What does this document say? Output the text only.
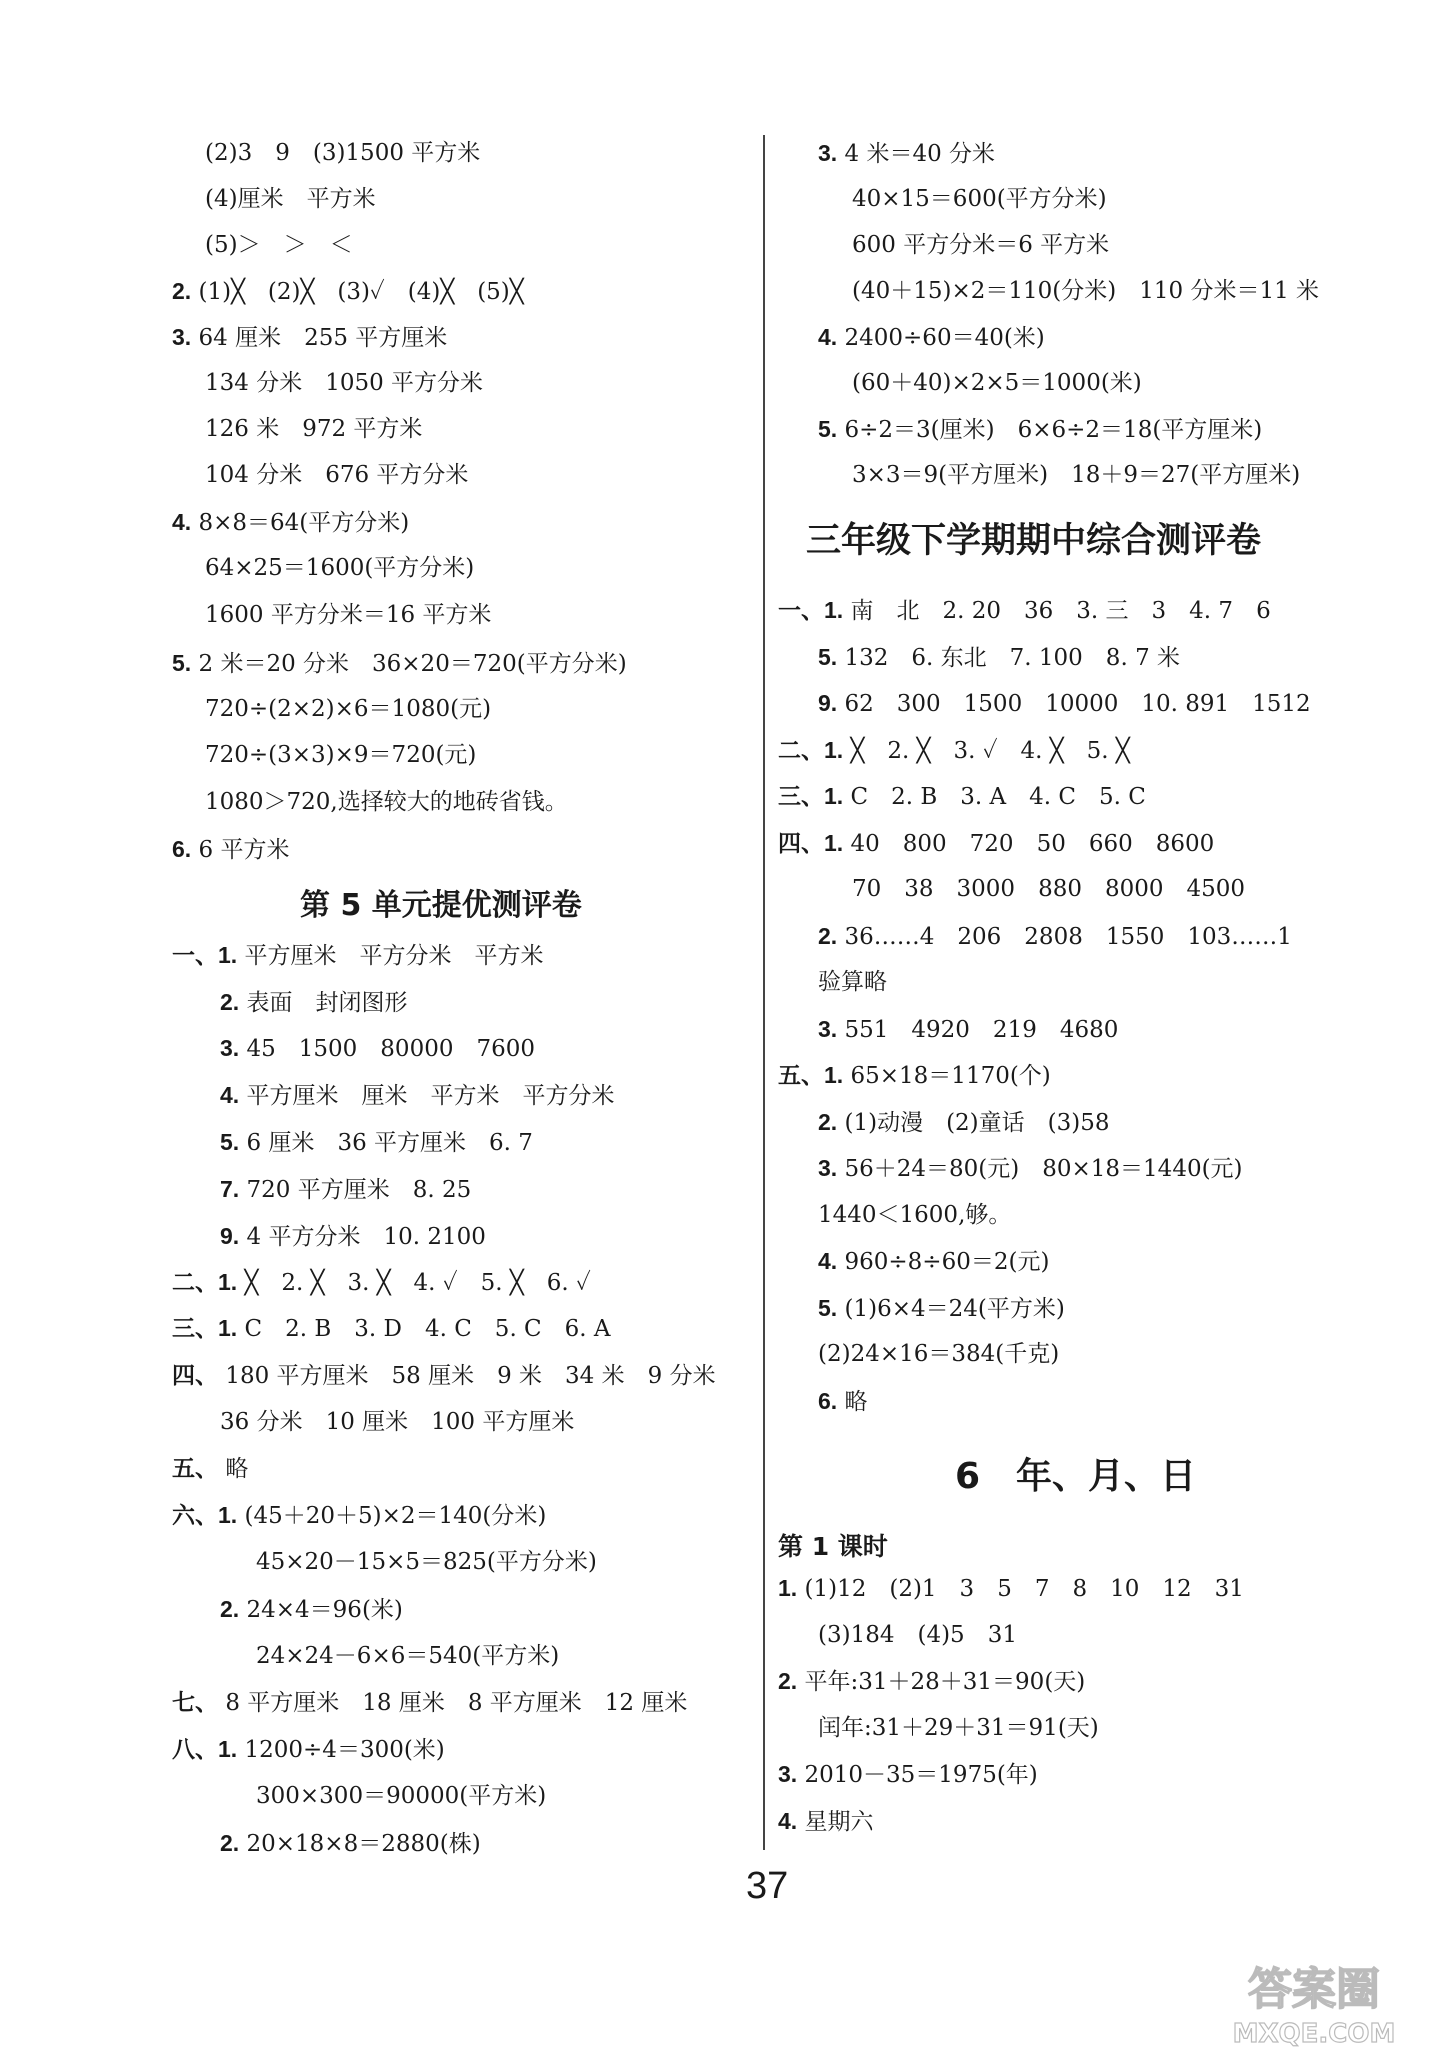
(2)3　9　(3)1500 平方米
(4)厘米　平方米
(5)＞　＞　＜
2. (1)╳　(2)╳　(3)✓　(4)╳　(5)╳
3. 64 厘米　255 平方厘米
134 分米　1050 平方分米
126 米　972 平方米
104 分米　676 平方分米
4. 8×8＝64(平方分米)
64×25＝1600(平方分米)
1600 平方分米＝16 平方米
5. 2 米＝20 分米　36×20＝720(平方分米)
720÷(2×2)×6＝1080(元)
720÷(3×3)×9＝720(元)
1080＞720,选择较大的地砖省钱。
6. 6 平方米
一、1. 平方厘米　平方分米　平方米
2. 表面　封闭图形
3. 45　1500　80000　7600
4. 平方厘米　厘米　平方米　平方分米
5. 6 厘米　36 平方厘米　6. 7
7. 720 平方厘米　8. 25
9. 4 平方分米　10. 2100
二、1. ╳　2. ╳　3. ╳　4. ✓　5. ╳　6. ✓
三、1. C　2. B　3. D　4. C　5. C　6. A
四、 180 平方厘米　58 厘米　9 米　34 米　9 分米
36 分米　10 厘米　100 平方厘米
五、 略
六、1. (45＋20＋5)×2＝140(分米)
45×20－15×5＝825(平方分米)
2. 24×4＝96(米)
24×24－6×6＝540(平方米)
七、 8 平方厘米　18 厘米　8 平方厘米　12 厘米
八、1. 1200÷4＝300(米)
300×300＝90000(平方米)
2. 20×18×8＝2880(株)
3. 4 米＝40 分米
40×15＝600(平方分米)
600 平方分米＝6 平方米
(40＋15)×2＝110(分米)　110 分米＝11 米
4. 2400÷60＝40(米)
(60＋40)×2×5＝1000(米)
5. 6÷2＝3(厘米)　6×6÷2＝18(平方厘米)
3×3＝9(平方厘米)　18＋9＝27(平方厘米)
一、1. 南　北　2. 20　36　3. 三　3　4. 7　6
5. 132　6. 东北　7. 100　8. 7 米
9. 62　300　1500　10000　10. 891　1512
二、1. ╳　2. ╳　3. ✓　4. ╳　5. ╳
三、1. C　2. B　3. A　4. C　5. C
四、1. 40　800　720　50　660　8600
70　38　3000　880　8000　4500
2. 36……4　206　2808　1550　103……1
验算略
3. 551　4920　219　4680
五、1. 65×18＝1170(个)
2. (1)动漫　(2)童话　(3)58
3. 56＋24＝80(元)　80×18＝1440(元)
1440＜1600,够。
4. 960÷8÷60＝2(元)
5. (1)6×4＝24(平方米)
(2)24×16＝384(千克)
6. 略
1. (1)12　(2)1　3　5　7　8　10　12　31
(3)184　(4)5　31
2. 平年:31＋28＋31＝90(天)
闰年:31＋29＋31＝91(天)
3. 2010－35＝1975(年)
4. 星期六
第 5 单元提优测评卷
三年级下学期期中综合测评卷
6　年、月、日
第 1 课时
37
答案圈
MXQE.COM
